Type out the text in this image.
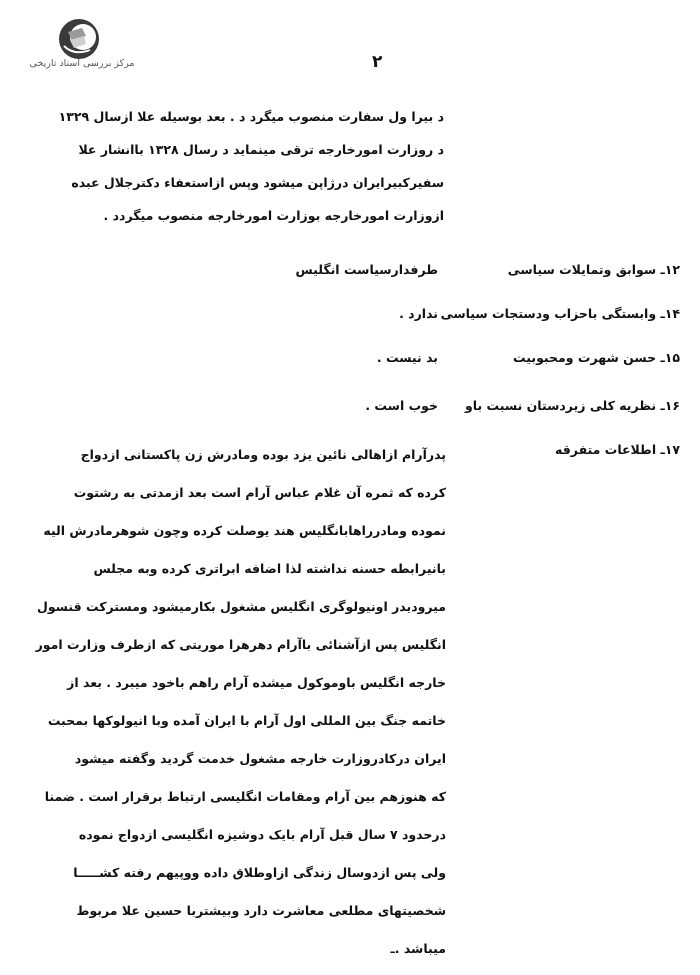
مرکز بررسی اسناد تاریخی	۲
د بیرا ول سفارت منصوب میگرد د . بعد بوسیله علا ازسال ۱۳۲۹
د روزارت امورخارجه ترقی مینماید د رسال ۱۳۲۸ باانشار علا
سفیرکبیرایران درژاپن میشود وپس ازاستعفاء دکترجلال عبده
ازوزارت امورخارجه بوزارت امورخارجه منصوب میگردد .
۱۲ـ سوابق وتمایلات سیاسی
طرفدارسیاست انگلیس
۱۴ـ وابستگی باحزاب ودستجات سیاسی
ندارد .
۱۵ـ حسن شهرت ومحبوبیت
بد نیست .
۱۶ـ نظریه کلی زیردستان نسبت باو
خوب است .
۱۷ـ اطلاعات متفرقه
پدرآرام ازاهالی نائین یزد بوده ومادرش زن پاکستانی ازدواج
کرده که ثمره آن غلام عباس آرام است بعد ازمدتی به رشتوت
نموده ومادرراهابانگلیس هند یوصلت کرده وچون شوهرمادرش الیه
بانیرابطه حسنه نداشته لذا اضافه ابراتری کرده وبه مجلس
میرودیدر اونیولوگری انگلیس مشغول بکارمیشود ومسترکت قنسول
انگلیس پس ازآشنائی باآرام دهرهرا موریتی که ازطرف وزارت امور
خارجه انگلیس باوموکول میشده آرام راهم باخود میبرد . بعد از
خاتمه جنگ بین المللی اول آرام با ایران آمده وبا انیولوکها بمحبت
ایران درکادروزارت خارجه مشغول خدمت گردید وگفته میشود
که هنوزهم بین آرام ومقامات انگلیسی ارتباط برقرار است . ضمنا
درحدود ۷ سال قبل آرام بایک دوشیزه انگلیسی ازدواج نموده
ولی پس ازدوسال زندگی ازاوطلاق داده ووپیهم رفته کشـــــا
شخصیتهای مطلعی معاشرت دارد وبیشتربا حسین علا مربوط
میباشد .ـ
